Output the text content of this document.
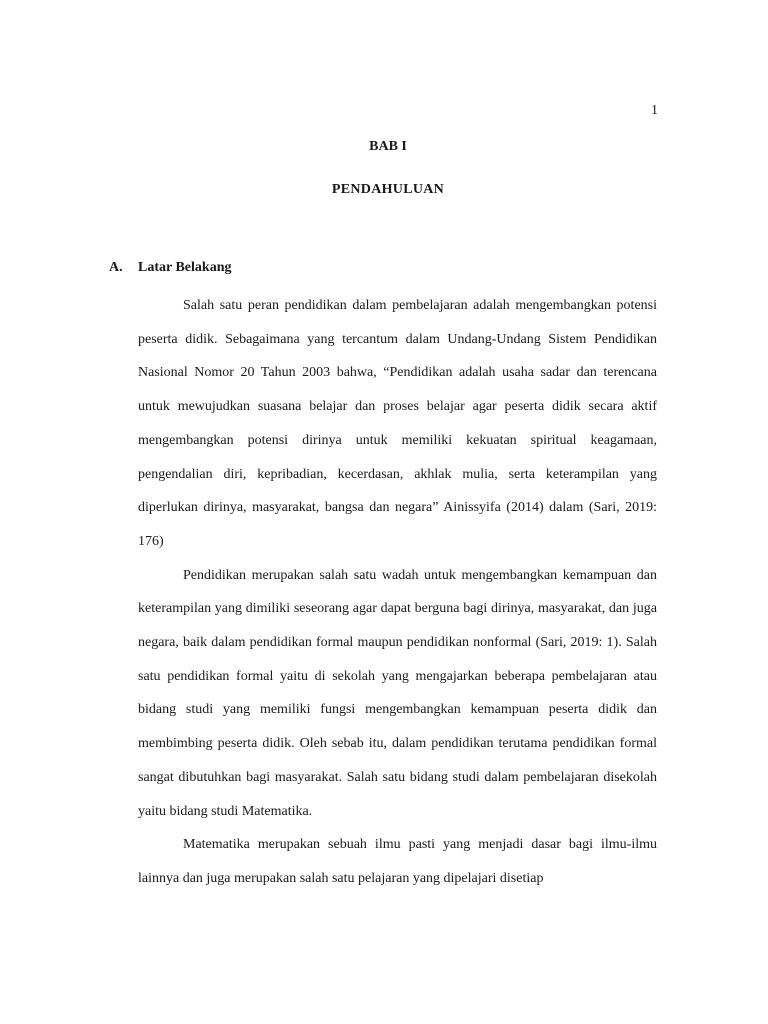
1
BAB I
PENDAHULUAN
A. Latar Belakang

Salah satu peran pendidikan dalam pembelajaran adalah mengembangkan potensi peserta didik. Sebagaimana yang tercantum dalam Undang-Undang Sistem Pendidikan Nasional Nomor 20 Tahun 2003 bahwa, “Pendidikan adalah usaha sadar dan terencana untuk mewujudkan suasana belajar dan proses belajar agar peserta didik secara aktif mengembangkan potensi dirinya untuk memiliki kekuatan spiritual keagamaan, pengendalian diri, kepribadian, kecerdasan, akhlak mulia, serta keterampilan yang diperlukan dirinya, masyarakat, bangsa dan negara” Ainissyifa (2014) dalam (Sari, 2019: 176)

Pendidikan merupakan salah satu wadah untuk mengembangkan kemampuan dan keterampilan yang dimiliki seseorang agar dapat berguna bagi dirinya, masyarakat, dan juga negara, baik dalam pendidikan formal maupun pendidikan nonformal (Sari, 2019: 1). Salah satu pendidikan formal yaitu di sekolah yang mengajarkan beberapa pembelajaran atau bidang studi yang memiliki fungsi mengembangkan kemampuan peserta didik dan membimbing peserta didik. Oleh sebab itu, dalam pendidikan terutama pendidikan formal sangat dibutuhkan bagi masyarakat. Salah satu bidang studi dalam pembelajaran disekolah yaitu bidang studi Matematika.

Matematika merupakan sebuah ilmu pasti yang menjadi dasar bagi ilmu-ilmu lainnya dan juga merupakan salah satu pelajaran yang dipelajari disetiap
